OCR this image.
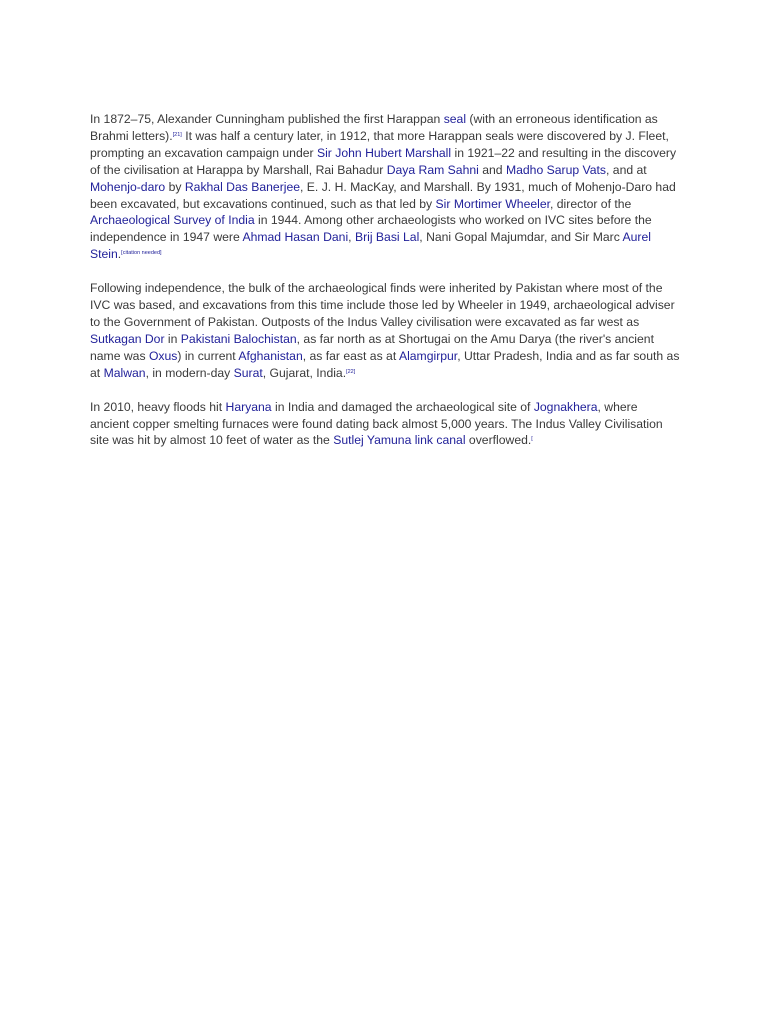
In 1872–75, Alexander Cunningham published the first Harappan seal (with an erroneous identification as Brahmi letters).[21] It was half a century later, in 1912, that more Harappan seals were discovered by J. Fleet, prompting an excavation campaign under Sir John Hubert Marshall in 1921–22 and resulting in the discovery of the civilisation at Harappa by Marshall, Rai Bahadur Daya Ram Sahni and Madho Sarup Vats, and at Mohenjo-daro by Rakhal Das Banerjee, E. J. H. MacKay, and Marshall. By 1931, much of Mohenjo-Daro had been excavated, but excavations continued, such as that led by Sir Mortimer Wheeler, director of the Archaeological Survey of India in 1944. Among other archaeologists who worked on IVC sites before the independence in 1947 were Ahmad Hasan Dani, Brij Basi Lal, Nani Gopal Majumdar, and Sir Marc Aurel Stein.[citation needed]

Following independence, the bulk of the archaeological finds were inherited by Pakistan where most of the IVC was based, and excavations from this time include those led by Wheeler in 1949, archaeological adviser to the Government of Pakistan. Outposts of the Indus Valley civilisation were excavated as far west as Sutkagan Dor in Pakistani Balochistan, as far north as at Shortugai on the Amu Darya (the river's ancient name was Oxus) in current Afghanistan, as far east as at Alamgirpur, Uttar Pradesh, India and as far south as at Malwan, in modern-day Surat, Gujarat, India.[22]

In 2010, heavy floods hit Haryana in India and damaged the archaeological site of Jognakhera, where ancient copper smelting furnaces were found dating back almost 5,000 years. The Indus Valley Civilisation site was hit by almost 10 feet of water as the Sutlej Yamuna link canal overflowed.[
